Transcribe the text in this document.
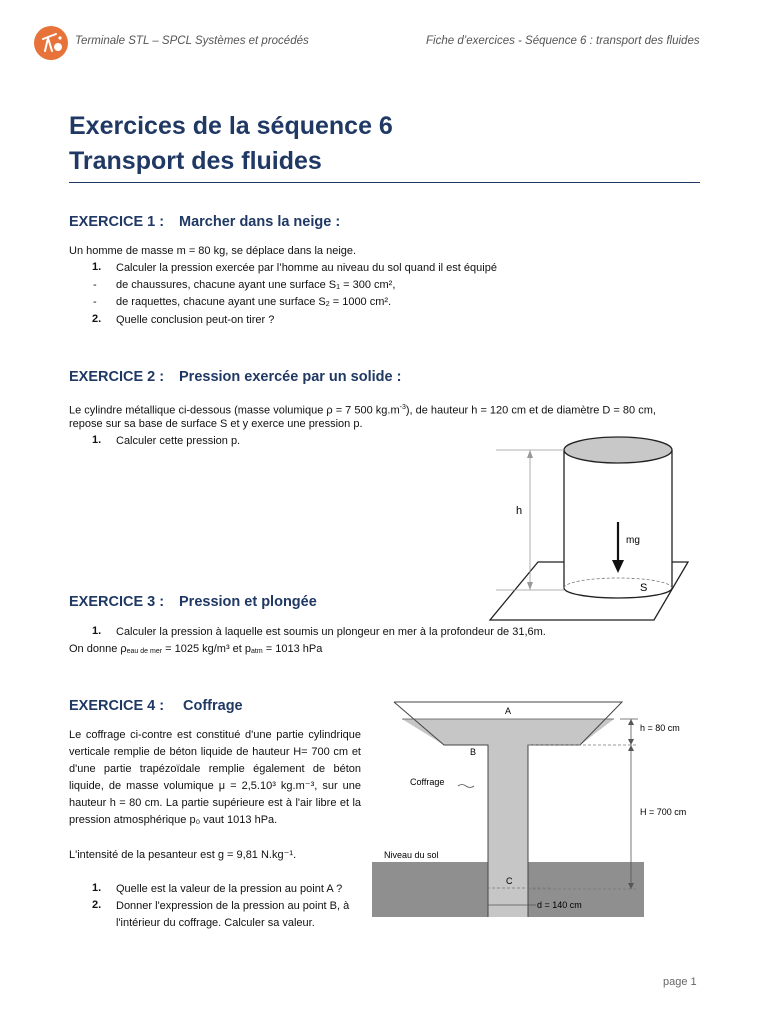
Terminale STL – SPCL Systèmes et procédés	Fiche d’exercices - Séquence 6 : transport des fluides
Exercices de la séquence 6
Transport des fluides
EXERCICE 1 : Marcher dans la neige :
Un homme de masse m = 80 kg, se déplace dans la neige.
1. Calculer la pression exercée par l’homme au niveau du sol quand il est équipé
- de chaussures, chacune ayant une surface $S_1 = 300$ cm²,
- de raquettes, chacune ayant une surface $S_2 = 1000$ cm².
2. Quelle conclusion peut-on tirer ?
EXERCICE 2 : Pression exercée par un solide :
Le cylindre métallique ci-dessous (masse volumique ρ = 7 500 $kg.m^{-3}$), de hauteur h = 120 cm et de diamètre D = 80 cm,
repose sur sa base de surface S et y exerce une pression p.
1. Calculer cette pression p.
h
mg
S
EXERCICE 3 : Pression et plongée
1. Calculer la pression à laquelle est soumis un plongeur en mer à la profondeur de 31,6m.
On donne $\rho_{eau de mer} = 1025$ kg/m³ et $p_{atm} = 1013$ hPa
EXERCICE 4 : Coffrage
Le coffrage ci-contre est constitué d'une partie cylindrique verticale remplie de béton liquide de hauteur H= 700 cm et d'une partie trapézoïdale remplie également de béton liquide, de masse volumique μ = 2,5.10³ kg.m⁻³, sur une hauteur h = 80 cm. La partie supérieure est à l'air libre et la pression atmosphérique p₀ vaut 1013 hPa.
L'intensité de la pesanteur est g = 9,81 N.kg⁻¹.
1. Quelle est la valeur de la pression au point A ?
2. Donner l'expression de la pression au point B, à
l'intérieur du coffrage. Calculer sa valeur.
A
B
C
Coffrage
h = 80 cm
H = 700 cm
d = 140 cm
Niveau du sol
page 1
